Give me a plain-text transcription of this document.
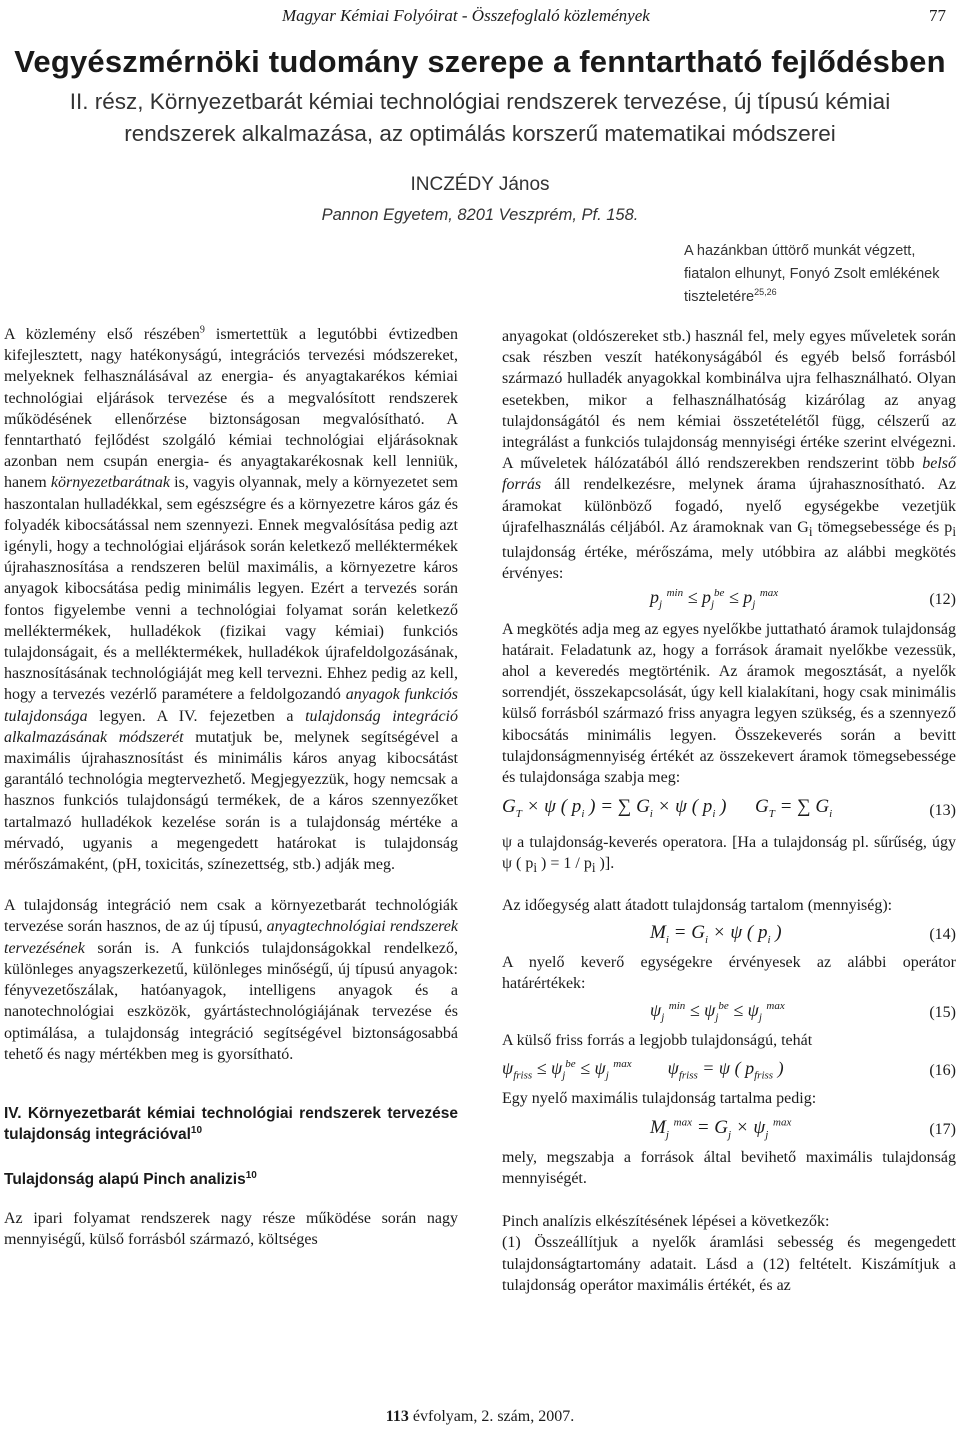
Magyar Kémiai Folyóirat - Összefoglaló közlemények	77
Vegyészmérnöki tudomány szerepe a fenntartható fejlődésben
II. rész, Környezetbarát kémiai technológiai rendszerek tervezése, új típusú kémiai
rendszerek alkalmazása, az optimálás korszerű matematikai módszerei
INCZÉDY János
Pannon Egyetem, 8201 Veszprém, Pf. 158.
A hazánkban úttörő munkát végzett, fiatalon elhunyt, Fonyó Zsolt emlékének tiszteletére$^{25,26}$

A közlemény első részében$^9$ ismertettük a legutóbbi évtizedben kifejlesztett, nagy hatékonyságú, integrációs tervezési módszereket, melyeknek felhasználásával az energia- és anyagtakarékos kémiai technológiai eljárások tervezése és a megvalósított rendszerek működésének ellenőrzése biztonságosan megvalósítható. A fenntartható fejlődést szolgáló kémiai technológiai eljárásoknak azonban nem csupán energia- és anyagtakarékosnak kell lenniük, hanem környezetbarátnak is, vagyis olyannak, mely a környezetet sem haszontalan hulladékkal, sem egészségre és a környezetre káros gáz és folyadék kibocsátással nem szennyezi. Ennek megvalósítása pedig azt igényli, hogy a technológiai eljárások során keletkező melléktermékek újrahasznosítása a rendszeren belül maximális, a környezetre káros anyagok kibocsátása pedig minimális legyen. Ezért a tervezés során fontos figyelembe venni a technológiai folyamat során keletkező melléktermékek, hulladékok (fizikai vagy kémiai) funkciós tulajdonságait, és a melléktermékek, hulladékok újrafeldolgozásának, hasznosításának technológiáját meg kell tervezni. Ehhez pedig az kell, hogy a tervezés vezérlő paramétere a feldolgozandó anyagok funkciós tulajdonsága legyen. A IV. fejezetben a tulajdonság integráció alkalmazásának módszerét mutatjuk be, melynek segítségével a maximális újrahasznosítást és minimális káros anyag kibocsátást garantáló technológia megtervezhető. Megjegyezzük, hogy nemcsak a hasznos funkciós tulajdonságú termékek, de a káros szennyezőket tartalmazó hulladékok kezelése során is a tulajdonság mértéke a mérvadó, ugyanis a megengedett határokat is tulajdonság mérőszámaként, (pH, toxicitás, színezettség, stb.) adják meg.

A tulajdonság integráció nem csak a környezetbarát technológiák tervezése során hasznos, de az új típusú, anyagtechnológiai rendszerek tervezésének során is. A funkciós tulajdonságokkal rendelkező, különleges anyagszerkezetű, különleges minőségű, új típusú anyagok: fényvezetőszálak, hatóanyagok, intelligens anyagok és a nanotechnológiai eszközök, gyártástechnológiájának tervezése és optimálása, a tulajdonság integráció segítségével biztonságosabbá tehető és nagy mértékben meg is gyorsítható.

IV. Környezetbarát kémiai technológiai rendszerek tervezése tulajdonság integrációval$^{10}$

Tulajdonság alapú Pinch analizis$^{10}$

Az ipari folyamat rendszerek nagy része működése során nagy mennyiségű, külső forrásból származó, költséges

anyagokat (oldószereket stb.) használ fel, mely egyes műveletek során csak részben veszít hatékonyságából és egyéb belső forrásból származó hulladék anyagokkal kombinálva ujra felhasználható. Olyan esetekben, mikor a felhasználhatóság kizárólag az anyag tulajdonságától és nem kémiai összetételétől függ, célszerű az integrálást a funkciós tulajdonság mennyiségi értéke szerint elvégezni. A műveletek hálózatából álló rendszerekben rendszerint több belső forrás áll rendelkezésre, melynek árama újrahasznosítható. Az áramokat különböző fogadó, nyelő egységekbe vezetjük újrafelhasználás céljából. Az áramoknak van $G_i$ tömegsebessége és $p_i$ tulajdonság értéke, mérőszáma, mely utóbbira az alábbi megkötés érvényes:

$p_j$ $^{min} \le p_j^{be} \le p_j$ $^{max}$	(12)

A megkötés adja meg az egyes nyelőkbe juttatható áramok tulajdonság határait. Feladatunk az, hogy a források áramait nyelőkbe vezessük, ahol a keveredés megtörténik. Az áramok megosztását, a nyelők sorrendjét, összekapcsolását, úgy kell kialakítani, hogy csak minimális külső forrásból származó friss anyagra legyen szükség, és a szennyező kibocsátás minimális legyen. Összekeverés során a bevitt tulajdonságmennyiség értékét az összekevert áramok tömegsebessége és tulajdonsága szabja meg:

$G_T \times \psi$ ( $p_i$ ) = ∑ $G_i \times \psi$ ( $p_i$ )      $G_T$ = ∑ $G_i$	(13)

ψ a tulajdonság-keverés operatora. [Ha a tulajdonság pl. sűrűség, úgy ψ ( $p_i$ ) = $1 / p_i$ )].

Az időegység alatt átadott tulajdonság tartalom (mennyiség):

$M_i = G_i \times \psi$ ( $p_i$ )	(14)

A nyelő keverő egységekre érvényesek az alábbi operátor határértékek:

$\psi_j$ $^{min} \le \psi_j^{be} \le \psi_j$ $^{max}$	(15)

A külső friss forrás a legjobb tulajdonságú, tehát

$\psi_{friss} \le \psi_j^{be} \le \psi_j$ $^{max}$        $\psi_{friss} = \psi$ ( $p_{friss}$ )	(16)

Egy nyelő maximális tulajdonság tartalma pedig:

$M_j$ $^{max} = G_j \times \psi_j$ $^{max}$	(17)

mely, megszabja a források által bevihető maximális tulajdonság mennyiségét.

Pinch analízis elkészítésének lépései a következők:
(1) Összeállítjuk a nyelők áramlási sebesség és megengedett tulajdonságtartomány adatait. Lásd a (12) feltételt. Kiszámítjuk a tulajdonság operátor maximális értékét, és az

113 évfolyam, 2. szám, 2007.
